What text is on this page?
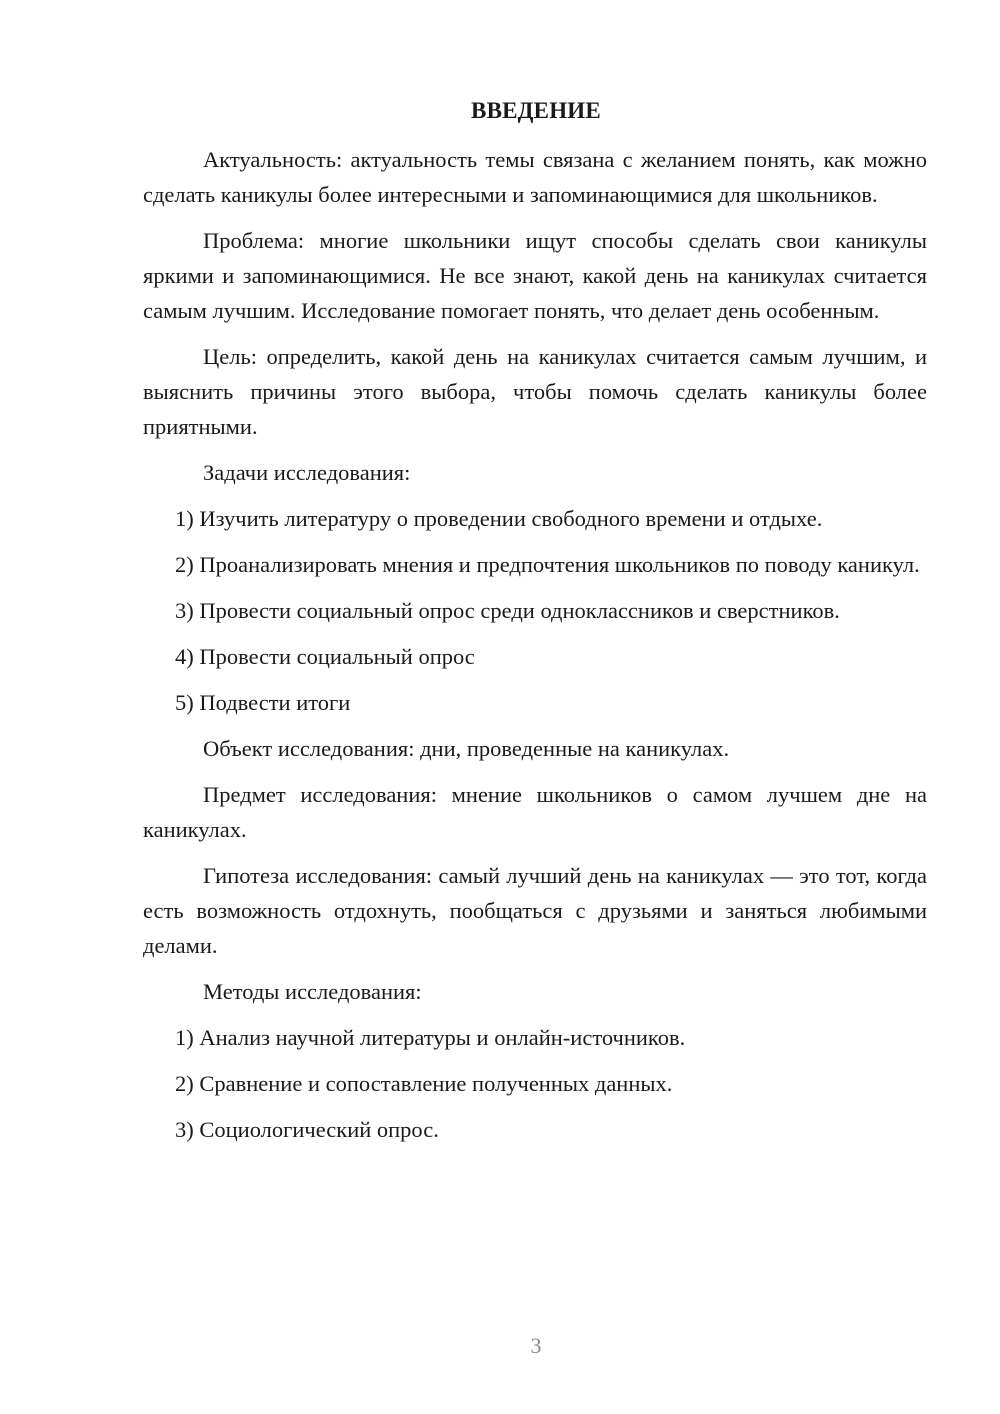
ВВЕДЕНИЕ

Актуальность: актуальность темы связана с желанием понять, как можно сделать каникулы более интересными и запоминающимися для школьников.

Проблема: многие школьники ищут способы сделать свои каникулы яркими и запоминающимися. Не все знают, какой день на каникулах считается самым лучшим. Исследование помогает понять, что делает день особенным.

Цель: определить, какой день на каникулах считается самым лучшим, и выяснить причины этого выбора, чтобы помочь сделать каникулы более приятными.

Задачи исследования:

1) Изучить литературу о проведении свободного времени и отдыхе.

2) Проанализировать мнения и предпочтения школьников по поводу каникул.

3) Провести социальный опрос среди одноклассников и сверстников.

4) Провести социальный опрос

5) Подвести итоги

Объект исследования: дни, проведенные на каникулах.

Предмет исследования: мнение школьников о самом лучшем дне на каникулах.

Гипотеза исследования: самый лучший день на каникулах — это тот, когда есть возможность отдохнуть, пообщаться с друзьями и заняться любимыми делами.

Методы исследования:

1) Анализ научной литературы и онлайн-источников.

2) Сравнение и сопоставление полученных данных.

3) Социологический опрос.

3
